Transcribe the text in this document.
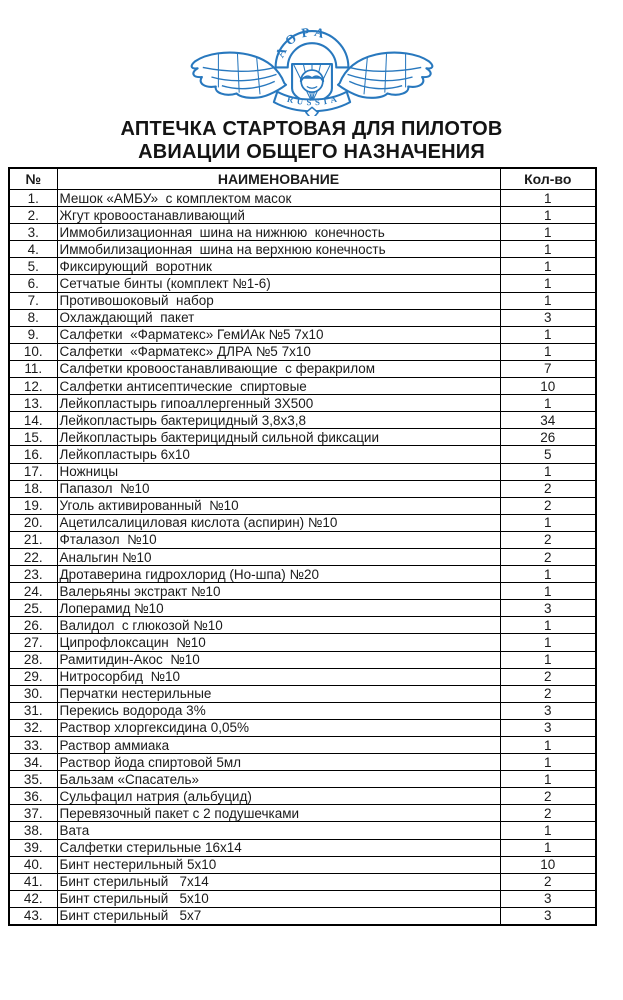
АОРА
RUSSIA
АПТЕЧКА СТАРТОВАЯ ДЛЯ ПИЛОТОВ
АВИАЦИИ ОБЩЕГО НАЗНАЧЕНИЯ
№	НАИМЕНОВАНИЕ	Кол-во
1.	Мешок «АМБУ»  с комплектом масок	1
2.	Жгут кровоостанавливающий	1
3.	Иммобилизационная  шина на нижнюю  конечность	1
4.	Иммобилизационная  шина на верхнюю конечность	1
5.	Фиксирующий  воротник	1
6.	Сетчатые бинты (комплект №1-6)	1
7.	Противошоковый  набор	1
8.	Охлаждающий  пакет	3
9.	Салфетки  «Фарматекс» ГемИАк №5 7х10	1
10.	Салфетки  «Фарматекс» ДЛРА №5 7х10	1
11.	Салфетки кровоостанавливающие  с феракрилом	7
12.	Салфетки антисептические  спиртовые	10
13.	Лейкопластырь гипоаллергенный 3Х500	1
14.	Лейкопластырь бактерицидный 3,8х3,8	34
15.	Лейкопластырь бактерицидный сильной фиксации	26
16.	Лейкопластырь 6х10	5
17.	Ножницы	1
18.	Папазол  №10	2
19.	Уголь активированный  №10	2
20.	Ацетилсалициловая кислота (аспирин) №10	1
21.	Фталазол  №10	2
22.	Анальгин №10	2
23.	Дротаверина гидрохлорид (Но-шпа) №20	1
24.	Валерьяны экстракт №10	1
25.	Лоперамид №10	3
26.	Валидол  с глюкозой №10	1
27.	Ципрофлоксацин  №10	1
28.	Рамитидин-Акос  №10	1
29.	Нитросорбид  №10	2
30.	Перчатки нестерильные	2
31.	Перекись водорода 3%	3
32.	Раствор хлоргексидина 0,05%	3
33.	Раствор аммиака	1
34.	Раствор йода спиртовой 5мл	1
35.	Бальзам «Спасатель»	1
36.	Сульфацил натрия (альбуцид)	2
37.	Перевязочный пакет с 2 подушечками	2
38.	Вата	1
39.	Салфетки стерильные 16х14	1
40.	Бинт нестерильный 5х10	10
41.	Бинт стерильный   7х14	2
42.	Бинт стерильный   5х10	3
43.	Бинт стерильный   5х7	3
